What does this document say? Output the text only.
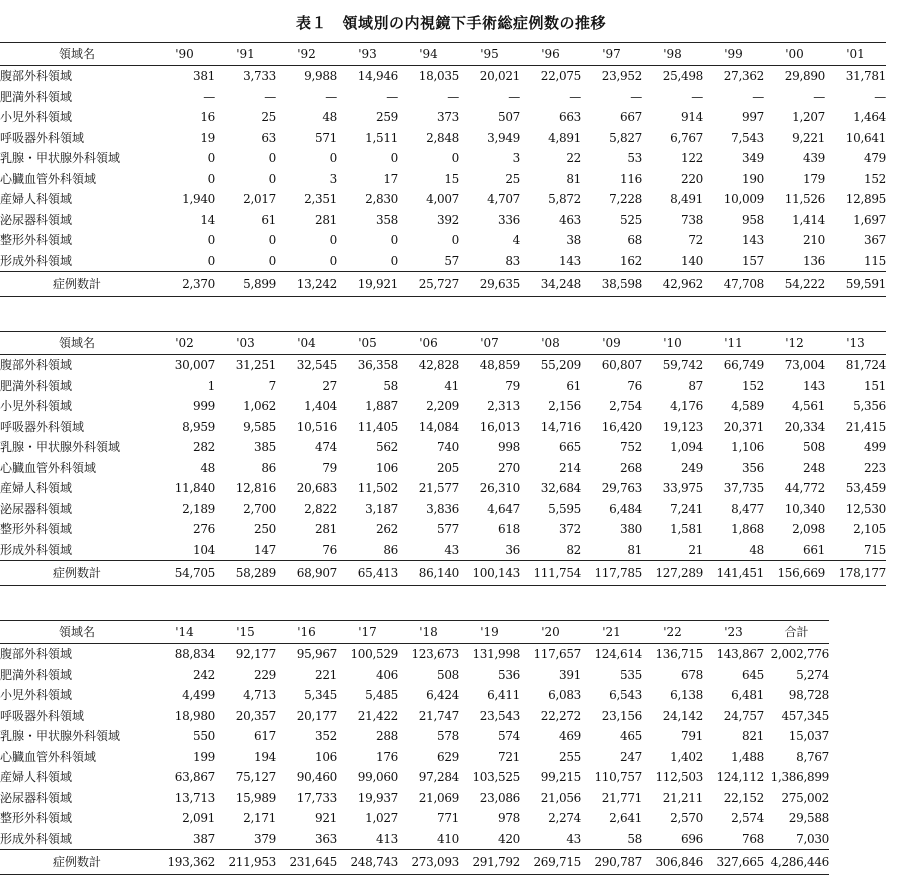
表１　領域別の内視鏡下手術総症例数の推移
領域名	'90	'91	'92	'93	'94	'95	'96	'97	'98	'99	'00	'01
腹部外科領域	381	3,733	9,988	14,946	18,035	20,021	22,075	23,952	25,498	27,362	29,890	31,781
肥満外科領域	—	—	—	—	—	—	—	—	—	—	—	—
小児外科領域	16	25	48	259	373	507	663	667	914	997	1,207	1,464
呼吸器外科領域	19	63	571	1,511	2,848	3,949	4,891	5,827	6,767	7,543	9,221	10,641
乳腺・甲状腺外科領域	0	0	0	0	0	3	22	53	122	349	439	479
心臓血管外科領域	0	0	3	17	15	25	81	116	220	190	179	152
産婦人科領域	1,940	2,017	2,351	2,830	4,007	4,707	5,872	7,228	8,491	10,009	11,526	12,895
泌尿器科領域	14	61	281	358	392	336	463	525	738	958	1,414	1,697
整形外科領域	0	0	0	0	0	4	38	68	72	143	210	367
形成外科領域	0	0	0	0	57	83	143	162	140	157	136	115
症例数計	2,370	5,899	13,242	19,921	25,727	29,635	34,248	38,598	42,962	47,708	54,222	59,591
領域名	'02	'03	'04	'05	'06	'07	'08	'09	'10	'11	'12	'13
腹部外科領域	30,007	31,251	32,545	36,358	42,828	48,859	55,209	60,807	59,742	66,749	73,004	81,724
肥満外科領域	1	7	27	58	41	79	61	76	87	152	143	151
小児外科領域	999	1,062	1,404	1,887	2,209	2,313	2,156	2,754	4,176	4,589	4,561	5,356
呼吸器外科領域	8,959	9,585	10,516	11,405	14,084	16,013	14,716	16,420	19,123	20,371	20,334	21,415
乳腺・甲状腺外科領域	282	385	474	562	740	998	665	752	1,094	1,106	508	499
心臓血管外科領域	48	86	79	106	205	270	214	268	249	356	248	223
産婦人科領域	11,840	12,816	20,683	11,502	21,577	26,310	32,684	29,763	33,975	37,735	44,772	53,459
泌尿器科領域	2,189	2,700	2,822	3,187	3,836	4,647	5,595	6,484	7,241	8,477	10,340	12,530
整形外科領域	276	250	281	262	577	618	372	380	1,581	1,868	2,098	2,105
形成外科領域	104	147	76	86	43	36	82	81	21	48	661	715
症例数計	54,705	58,289	68,907	65,413	86,140	100,143	111,754	117,785	127,289	141,451	156,669	178,177
領域名	'14	'15	'16	'17	'18	'19	'20	'21	'22	'23	合計
腹部外科領域	88,834	92,177	95,967	100,529	123,673	131,998	117,657	124,614	136,715	143,867	2,002,776
肥満外科領域	242	229	221	406	508	536	391	535	678	645	5,274
小児外科領域	4,499	4,713	5,345	5,485	6,424	6,411	6,083	6,543	6,138	6,481	98,728
呼吸器外科領域	18,980	20,357	20,177	21,422	21,747	23,543	22,272	23,156	24,142	24,757	457,345
乳腺・甲状腺外科領域	550	617	352	288	578	574	469	465	791	821	15,037
心臓血管外科領域	199	194	106	176	629	721	255	247	1,402	1,488	8,767
産婦人科領域	63,867	75,127	90,460	99,060	97,284	103,525	99,215	110,757	112,503	124,112	1,386,899
泌尿器科領域	13,713	15,989	17,733	19,937	21,069	23,086	21,056	21,771	21,211	22,152	275,002
整形外科領域	2,091	2,171	921	1,027	771	978	2,274	2,641	2,570	2,574	29,588
形成外科領域	387	379	363	413	410	420	43	58	696	768	7,030
症例数計	193,362	211,953	231,645	248,743	273,093	291,792	269,715	290,787	306,846	327,665	4,286,446
